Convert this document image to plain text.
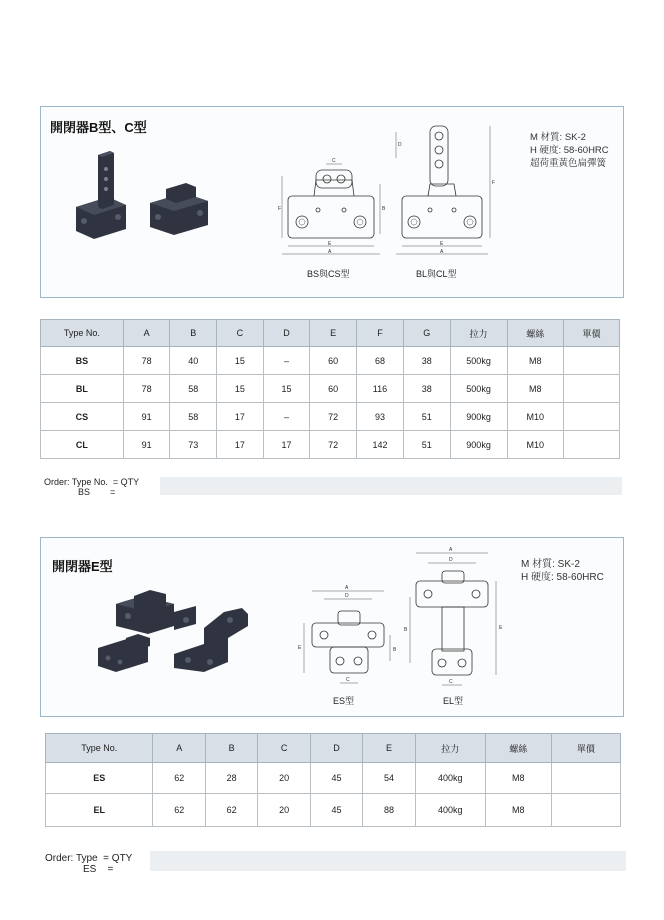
開閉器B型、C型
E
A
C
F	B
E
A
D
F
M 材質: SK-2
H 硬度: 58-60HRC
超荷重黃色扁彈簧
BS與CS型	BL與CL型
Type No.	A	B	C	D	E	F	G	拉力	螺絲	單價
BS	78	40	15	–	60	68	38	500kg	M8	
BL	78	58	15	15	60	116	38	500kg	M8	
CS	91	58	17	–	72	93	51	900kg	M10	
CL	91	73	17	17	72	142	51	900kg	M10	
Order: Type No.  = QTY
BS        =
開閉器E型
A
D
C
E	B
A
D
C
B	E
M 材質: SK-2
H 硬度: 58-60HRC
ES型	EL型
Type No.	A	B	C	D	E	拉力	螺絲	單價
ES	62	28	20	45	54	400kg	M8	
EL	62	62	20	45	88	400kg	M8	
Order: Type  = QTY
ES    =
